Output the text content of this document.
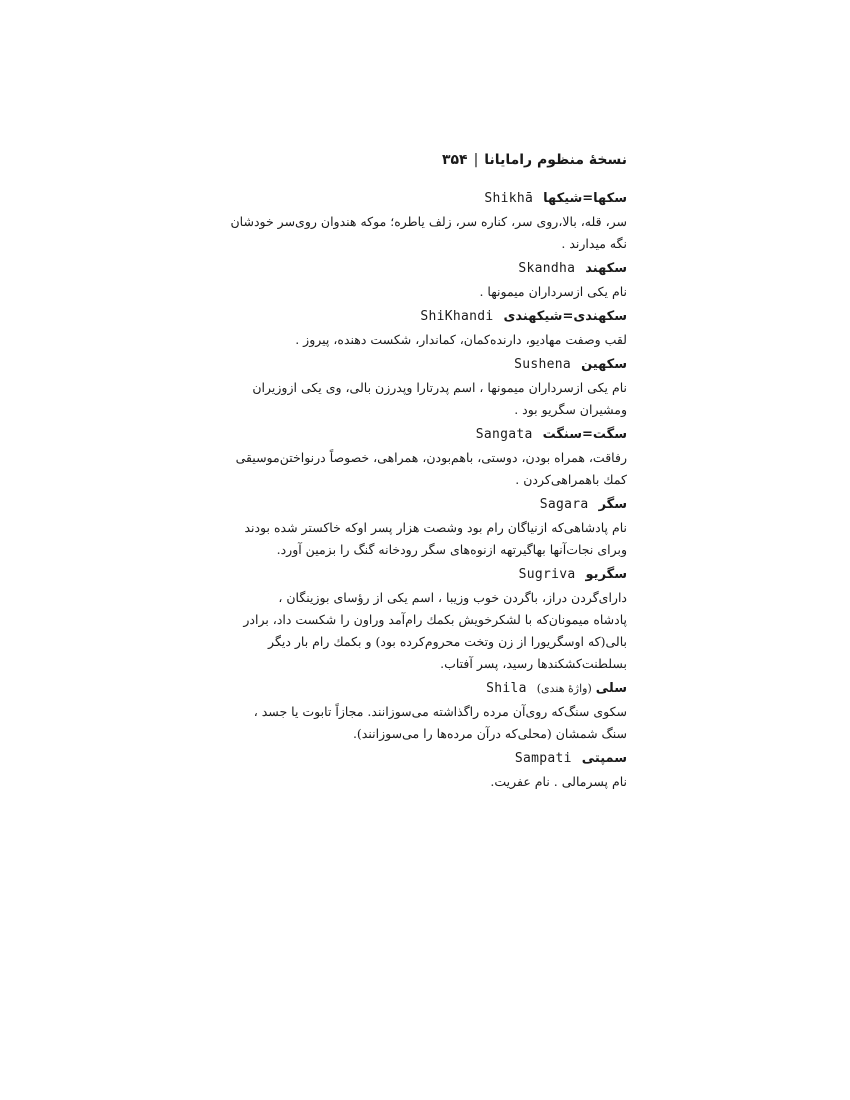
نسخهٔ منظوم رامایانا|۳۵۴
سکها=شیکهاShikhā
سر، قله، بالا،روی سر، کناره سر، زلف یاطره؛ موکه هندوان روی‌سر خودشان
نگه میدارند .
سکهندSkandha
نام یکی ازسرداران میمونها .
سکهندی=شیکهندیShiKhandi
لقب وصفت مهادیو، دارنده‌کمان، کماندار، شکست دهنده، پیروز .
سکهینSushena
نام یکی ازسرداران میمونها ، اسم پدرتارا وپدرزن بالی، وی یکی ازوزیران
ومشیران سگریو بود .
سگت=سنگتSangata
رفاقت، همراه بودن، دوستی، باهم‌بودن، همراهی، خصوصاً درنواختن‌موسیقی
کمك باهمراهی‌کردن .
سگرSagara
نام پادشاهی‌که ازنیاگان رام بود وشصت هزار پسر اوکه خاکستر شده بودند
وبرای نجات‌آنها بهاگیرتهه ازنوه‌های سگر رودخانه گنگ را بزمین آورد.
سگریوSugriva
دارای‌گردن دراز، باگردن خوب وزیبا ، اسم یکی از رؤسای بوزینگان ،
پادشاه میمونان‌که با لشکرخویش بکمك رام‌آمد وراون را شکست داد، برادر
بالی(که اوسگریورا از زن وتخت محروم‌کرده بود) و بکمك رام بار دیگر
بسلطنت‌کشکندها رسید، پسر آفتاب.
سلی(واژهٔ هندی)Shila
سکوی سنگ‌که روی‌آن مرده راگذاشته می‌سوزانند. مجازاً تابوت یا جسد ،
سنگ شمشان (محلی‌که درآن مرده‌ها را می‌سوزانند).
سمپتیSampati
نام پسرمالی . نام عفریت.
